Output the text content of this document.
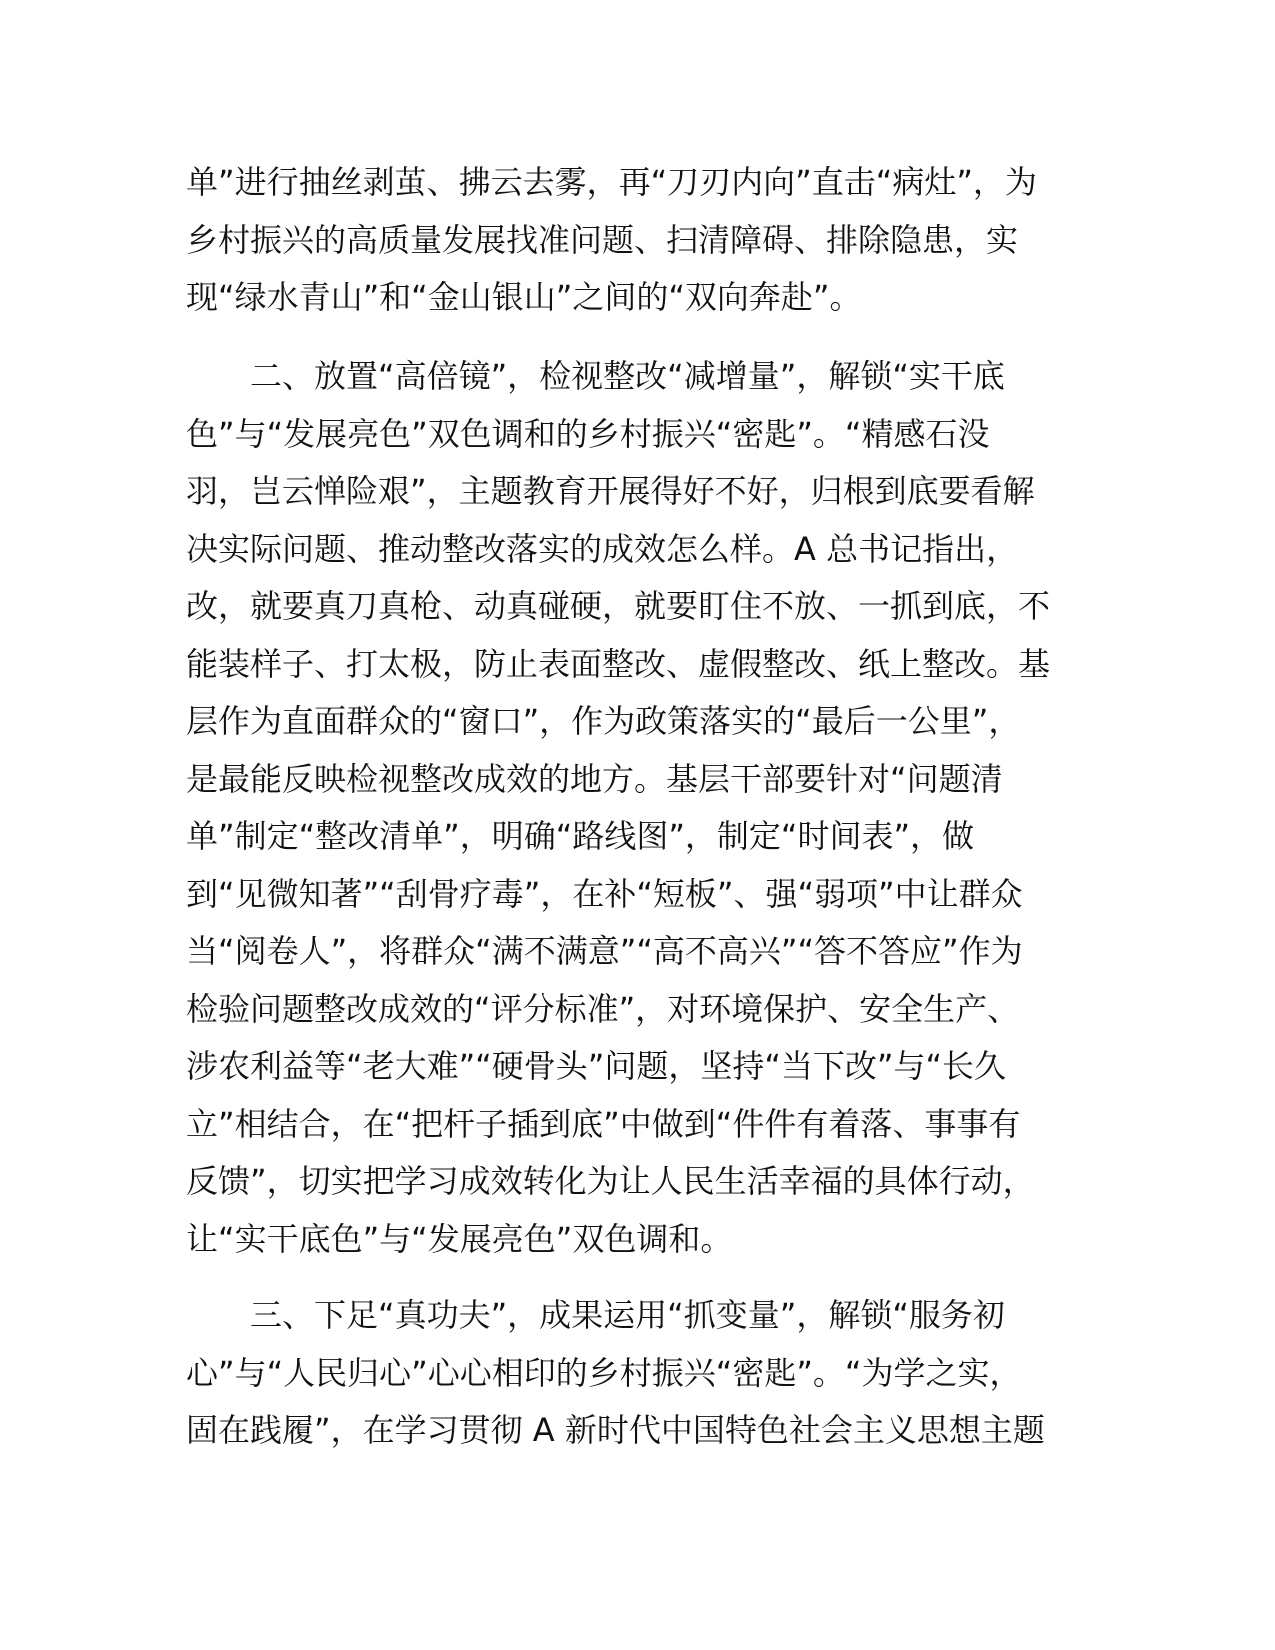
单”进行抽丝剥茧、拂云去雾，再“刀刃内向”直击“病灶”，为
乡村振兴的高质量发展找准问题、扫清障碍、排除隐患，实
现“绿水青山”和“金山银山”之间的“双向奔赴”。
二、放置“高倍镜”，检视整改“减增量”，解锁“实干底
色”与“发展亮色”双色调和的乡村振兴“密匙”。“精感石没
羽，岂云惮险艰”，主题教育开展得好不好，归根到底要看解
决实际问题、推动整改落实的成效怎么样。A 总书记指出，
改，就要真刀真枪、动真碰硬，就要盯住不放、一抓到底，不
能装样子、打太极，防止表面整改、虚假整改、纸上整改。基
层作为直面群众的“窗口”，作为政策落实的“最后一公里”，
是最能反映检视整改成效的地方。基层干部要针对“问题清
单”制定“整改清单”，明确“路线图”，制定“时间表”，做
到“见微知著”“刮骨疗毒”，在补“短板”、强“弱项”中让群众
当“阅卷人”，将群众“满不满意”“高不高兴”“答不答应”作为
检验问题整改成效的“评分标准”，对环境保护、安全生产、
涉农利益等“老大难”“硬骨头”问题，坚持“当下改”与“长久
立”相结合，在“把杆子插到底”中做到“件件有着落、事事有
反馈”，切实把学习成效转化为让人民生活幸福的具体行动，
让“实干底色”与“发展亮色”双色调和。
三、下足“真功夫”，成果运用“抓变量”，解锁“服务初
心”与“人民归心”心心相印的乡村振兴“密匙”。“为学之实，
固在践履”，在学习贯彻 A 新时代中国特色社会主义思想主题
